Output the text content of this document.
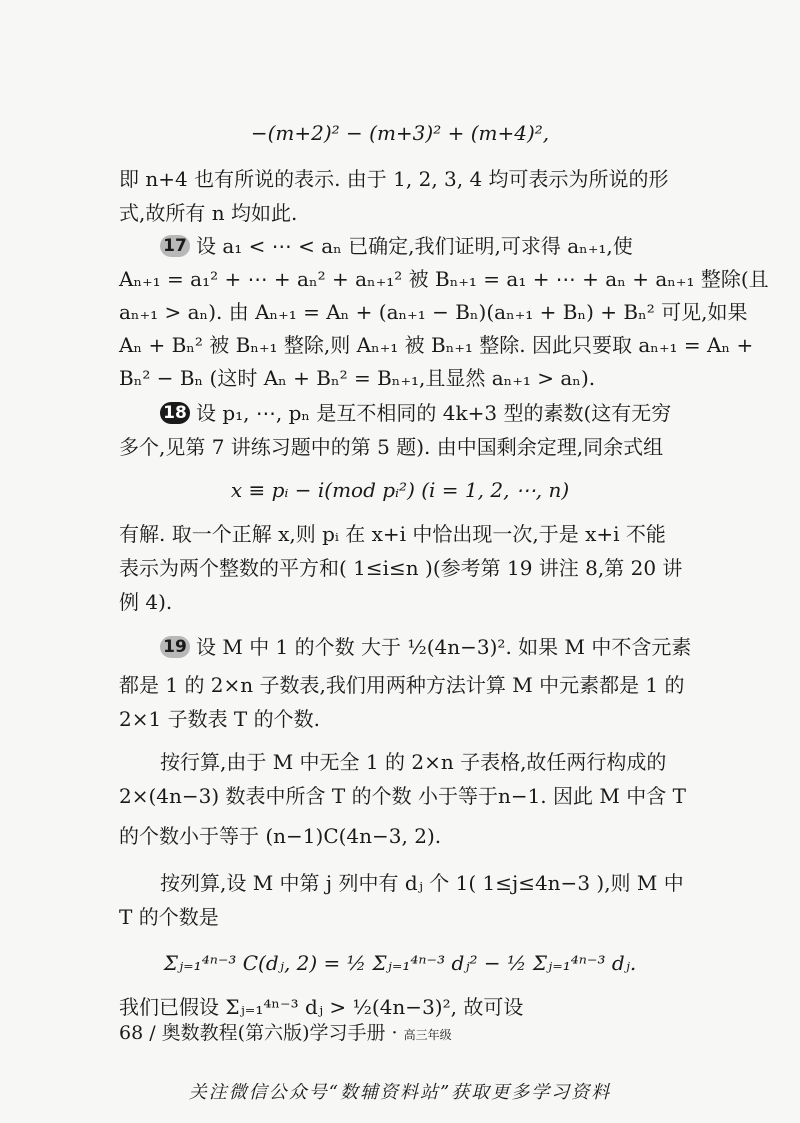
−(m+2)² − (m+3)² + (m+4)²,
即 n+4 也有所说的表示. 由于 1, 2, 3, 4 均可表示为所说的形
式,故所有 n 均如此.
17 设 a₁ < ⋯ < aₙ 已确定,我们证明,可求得 aₙ₊₁,使
Aₙ₊₁ = a₁² + ⋯ + aₙ² + aₙ₊₁² 被 Bₙ₊₁ = a₁ + ⋯ + aₙ + aₙ₊₁ 整除(且
aₙ₊₁ > aₙ). 由 Aₙ₊₁ = Aₙ + (aₙ₊₁ − Bₙ)(aₙ₊₁ + Bₙ) + Bₙ² 可见,如果
Aₙ + Bₙ² 被 Bₙ₊₁ 整除,则 Aₙ₊₁ 被 Bₙ₊₁ 整除. 因此只要取 aₙ₊₁ = Aₙ +
Bₙ² − Bₙ (这时 Aₙ + Bₙ² = Bₙ₊₁,且显然 aₙ₊₁ > aₙ).
18 设 p₁, ⋯, pₙ 是互不相同的 4k+3 型的素数(这有无穷
多个,见第 7 讲练习题中的第 5 题). 由中国剩余定理,同余式组
x ≡ pᵢ − i(mod pᵢ²) (i = 1, 2, ⋯, n)
有解. 取一个正解 x,则 pᵢ 在 x+i 中恰出现一次,于是 x+i 不能
表示为两个整数的平方和( 1≤i≤n )(参考第 19 讲注 8,第 20 讲
例 4).
19 设 M 中 1 的个数 大于 ½(4n−3)². 如果 M 中不含元素
都是 1 的 2×n 子数表,我们用两种方法计算 M 中元素都是 1 的
2×1 子数表 T 的个数.
按行算,由于 M 中无全 1 的 2×n 子表格,故任两行构成的
2×(4n−3) 数表中所含 T 的个数 小于等于n−1. 因此 M 中含 T
的个数小于等于 (n−1)C(4n−3, 2).
按列算,设 M 中第 j 列中有 dⱼ 个 1( 1≤j≤4n−3 ),则 M 中
T 的个数是
Σⱼ₌₁⁴ⁿ⁻³ C(dⱼ, 2) = ½ Σⱼ₌₁⁴ⁿ⁻³ dⱼ² − ½ Σⱼ₌₁⁴ⁿ⁻³ dⱼ.
我们已假设 Σⱼ₌₁⁴ⁿ⁻³ dⱼ > ½(4n−3)², 故可设
68 / 奥数教程(第六版)学习手册 · 高三年级
关注微信公众号“数辅资料站”获取更多学习资料
